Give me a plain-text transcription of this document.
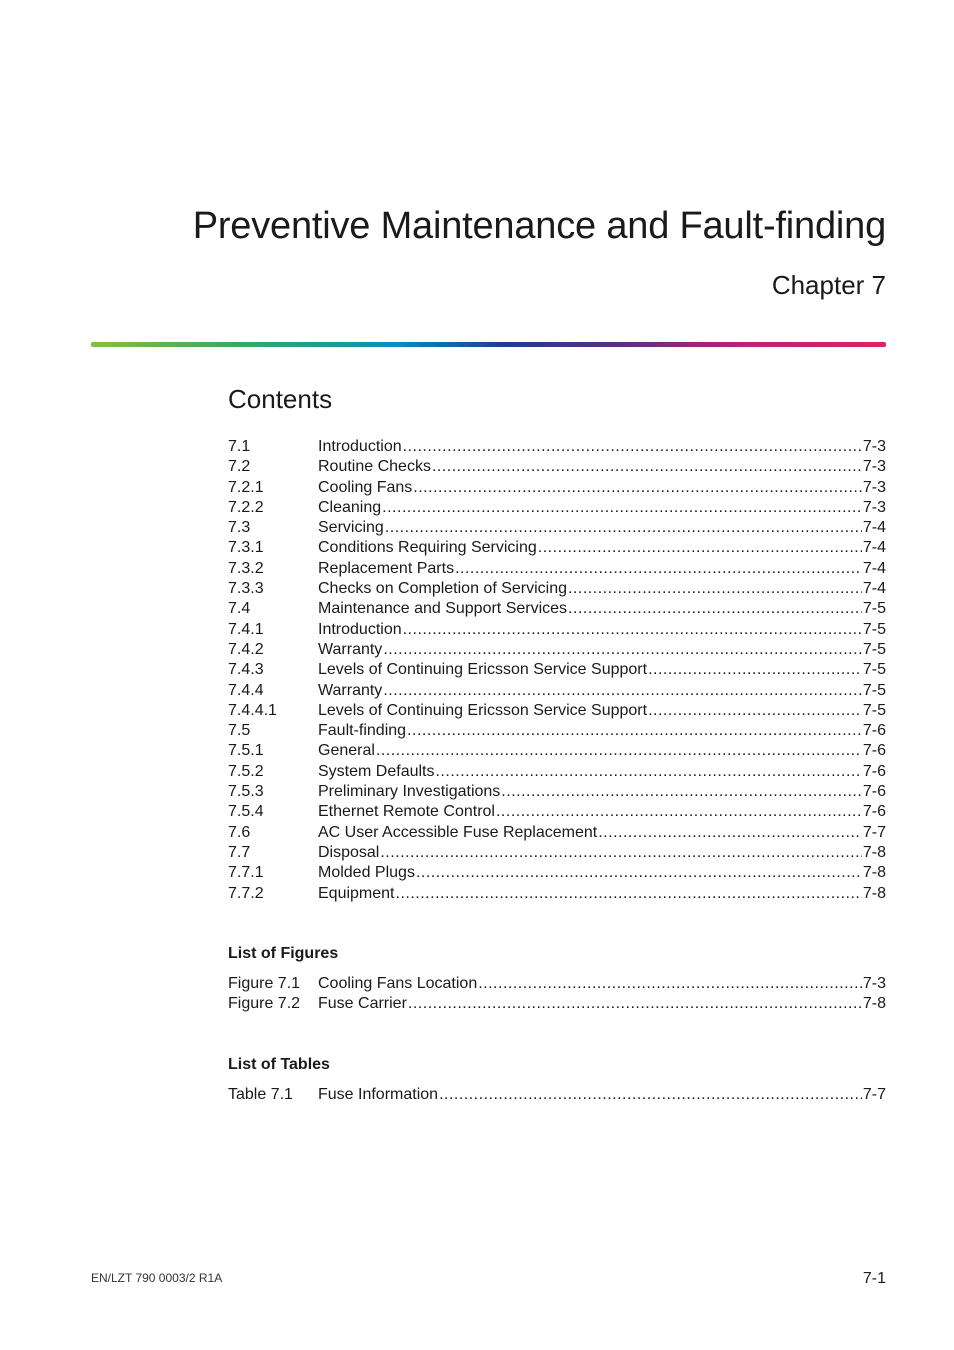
Preventive Maintenance and Fault-finding
Chapter 7
Contents
7.1	Introduction .....	7-3
7.2	Routine Checks .....	7-3
7.2.1	Cooling Fans .....	7-3
7.2.2	Cleaning .....	7-3
7.3	Servicing .....	7-4
7.3.1	Conditions Requiring Servicing .....	7-4
7.3.2	Replacement Parts .....	7-4
7.3.3	Checks on Completion of Servicing .....	7-4
7.4	Maintenance and Support Services .....	7-5
7.4.1	Introduction .....	7-5
7.4.2	Warranty .....	7-5
7.4.3	Levels of Continuing Ericsson Service Support .....	7-5
7.4.4	Warranty .....	7-5
7.4.4.1	Levels of Continuing Ericsson Service Support .....	7-5
7.5	Fault-finding .....	7-6
7.5.1	General .....	7-6
7.5.2	System Defaults .....	7-6
7.5.3	Preliminary Investigations .....	7-6
7.5.4	Ethernet Remote Control .....	7-6
7.6	AC User Accessible Fuse Replacement .....	7-7
7.7	Disposal .....	7-8
7.7.1	Molded Plugs .....	7-8
7.7.2	Equipment .....	7-8
List of Figures
Figure 7.1	Cooling Fans Location .....	7-3
Figure 7.2	Fuse Carrier .....	7-8
List of Tables
Table 7.1	Fuse Information .....	7-7
EN/LZT 790 0003/2 R1A	7-1
